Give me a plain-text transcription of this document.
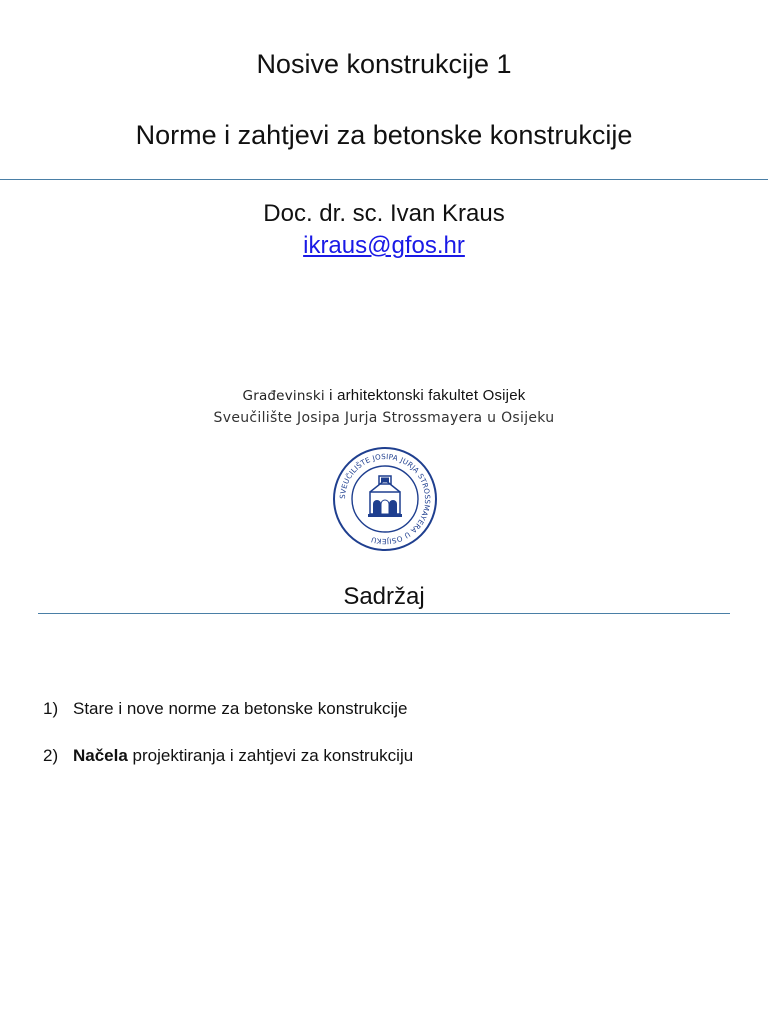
Nosive konstrukcije 1
Norme i zahtjevi za betonske konstrukcije
Doc. dr. sc. Ivan Kraus
ikraus@gfos.hr
Građevinski i arhitektonski fakultet Osijek
Sveučilište Josipa Jurja Strossmayera u Osijeku
SVEUČILIŠTE JOSIPA JURJA STROSSMAYERA U OSIJEKU
Sadržaj
1) Stare i nove norme za betonske konstrukcije
2) Načela projektiranja i zahtjevi za konstrukciju
